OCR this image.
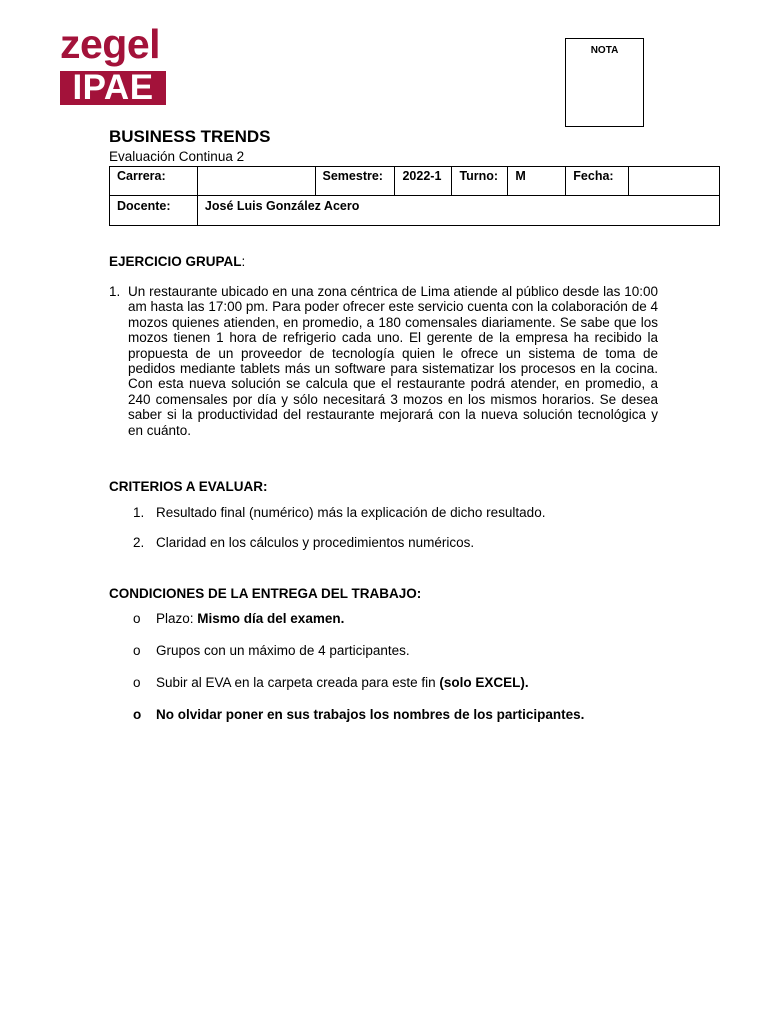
zegel
IPAE
NOTA
BUSINESS TRENDS
Evaluación Continua 2
Carrera:		Semestre:	2022-1	Turno:	M	Fecha:	
Docente:	José Luis González Acero						
EJERCICIO GRUPAL:
1. Un restaurante ubicado en una zona céntrica de Lima atiende al público desde las 10:00 am hasta las 17:00 pm. Para poder ofrecer este servicio cuenta con la colaboración de 4 mozos quienes atienden, en promedio, a 180 comensales diariamente. Se sabe que los mozos tienen 1 hora de refrigerio cada uno. El gerente de la empresa ha recibido la propuesta de un proveedor de tecnología quien le ofrece un sistema de toma de pedidos mediante tablets más un software para sistematizar los procesos en la cocina. Con esta nueva solución se calcula que el restaurante podrá atender, en promedio, a 240 comensales por día y sólo necesitará 3 mozos en los mismos horarios. Se desea saber si la productividad del restaurante mejorará con la nueva solución tecnológica y en cuánto.
CRITERIOS A EVALUAR:
1. Resultado final (numérico) más la explicación de dicho resultado.
2. Claridad en los cálculos y procedimientos numéricos.
CONDICIONES DE LA ENTREGA DEL TRABAJO:
o Plazo: Mismo día del examen.
o Grupos con un máximo de 4 participantes.
o Subir al EVA en la carpeta creada para este fin (solo EXCEL).
o No olvidar poner en sus trabajos los nombres de los participantes.
